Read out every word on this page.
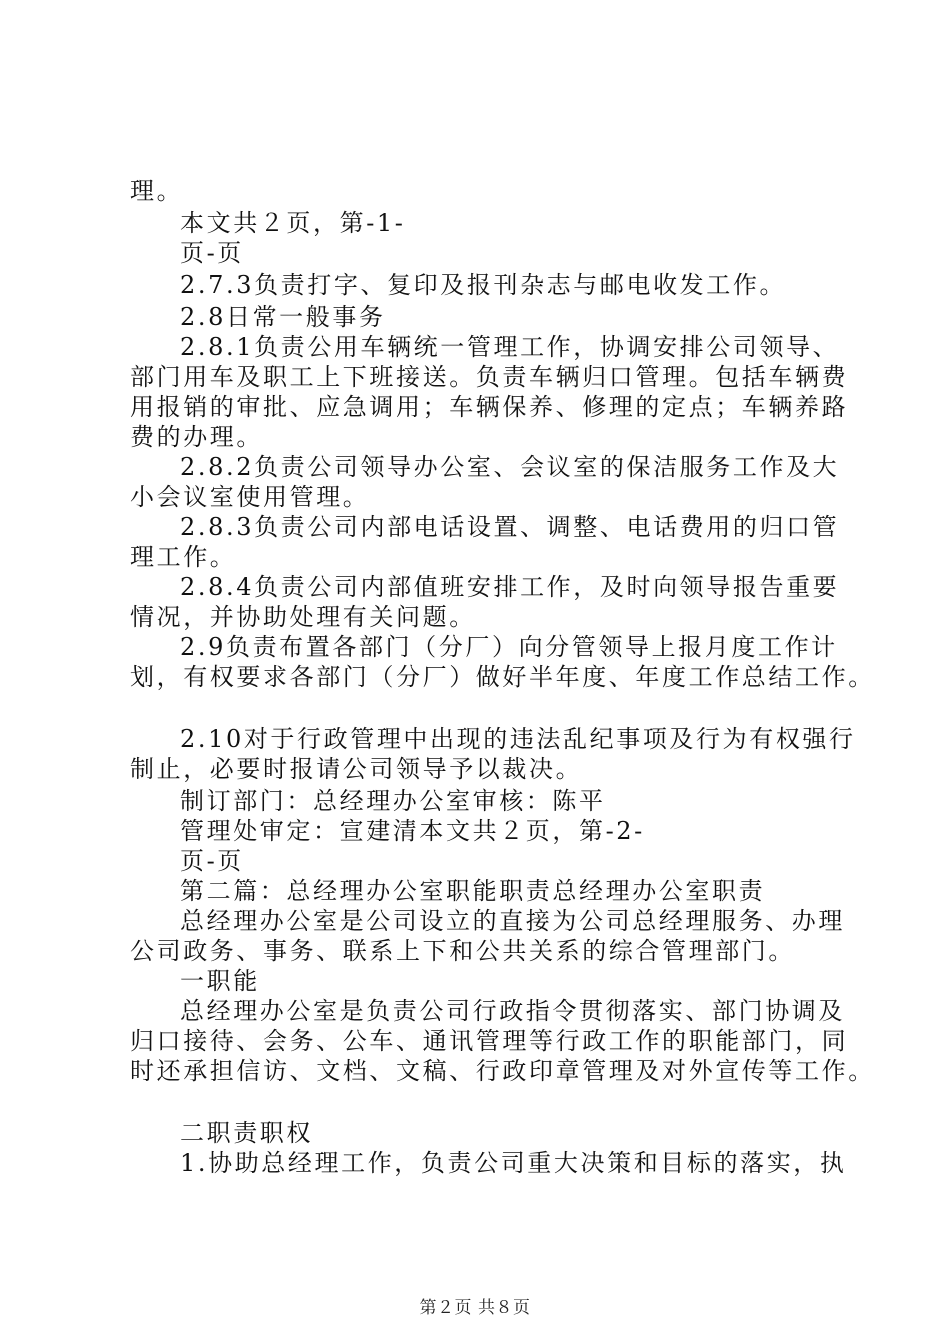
理。
本文共２页，第-1-
页-页
2.7.3负责打字、复印及报刊杂志与邮电收发工作。
2.8日常一般事务
2.8.1负责公用车辆统一管理工作，协调安排公司领导、
部门用车及职工上下班接送。负责车辆归口管理。包括车辆费
用报销的审批、应急调用；车辆保养、修理的定点；车辆养路
费的办理。
2.8.2负责公司领导办公室、会议室的保洁服务工作及大
小会议室使用管理。
2.8.3负责公司内部电话设置、调整、电话费用的归口管
理工作。
2.8.4负责公司内部值班安排工作，及时向领导报告重要
情况，并协助处理有关问题。
2.9负责布置各部门（分厂）向分管领导上报月度工作计
划，有权要求各部门（分厂）做好半年度、年度工作总结工作。
2.10对于行政管理中出现的违法乱纪事项及行为有权强行
制止，必要时报请公司领导予以裁决。
制订部门：总经理办公室审核：陈平
管理处审定：宣建清本文共２页，第-2-
页-页
第二篇：总经理办公室职能职责总经理办公室职责
总经理办公室是公司设立的直接为公司总经理服务、办理
公司政务、事务、联系上下和公共关系的综合管理部门。
一职能
总经理办公室是负责公司行政指令贯彻落实、部门协调及
归口接待、会务、公车、通讯管理等行政工作的职能部门，同
时还承担信访、文档、文稿、行政印章管理及对外宣传等工作。
二职责职权
1.协助总经理工作，负责公司重大决策和目标的落实，执
第２页 共８页
